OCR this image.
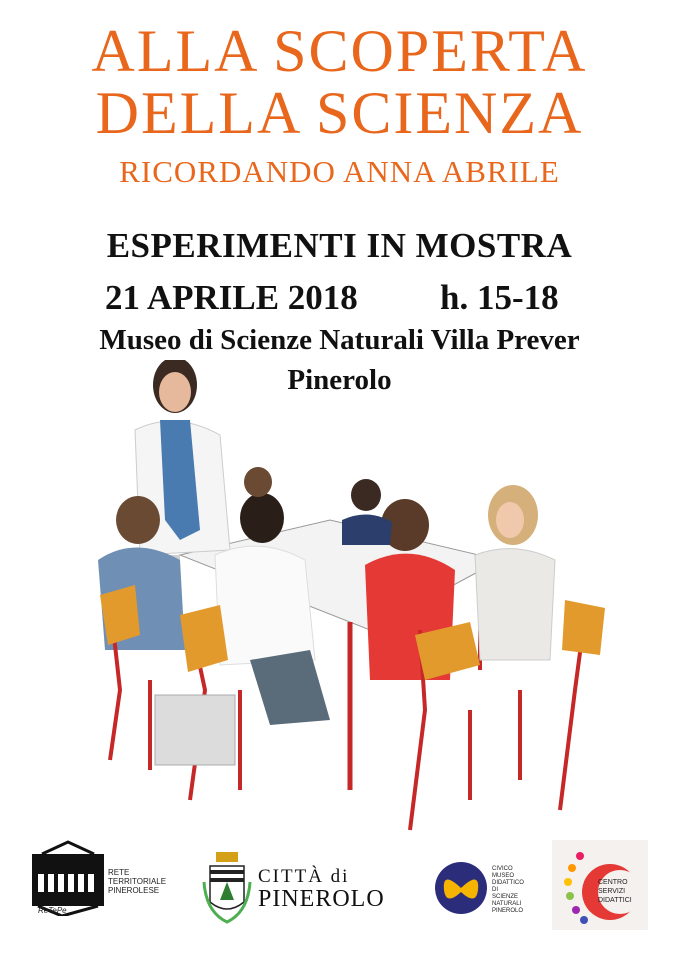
ALLA SCOPERTA
DELLA SCIENZA
RICORDANDO ANNA ABRILE
ESPERIMENTI IN MOSTRA
21 APRILE 2018 h. 15-18
Museo di Scienze Naturali Villa Prever
Pinerolo
ReTePe
RETE
TERRITORIALE
PINEROLESE
CITTÀ di
PINEROLO
CIVICO
MUSEO
DIDATTICO
DI
SCIENZE
NATURALI
PINEROLO
CENTRO
SERVIZI
DIDATTICI
